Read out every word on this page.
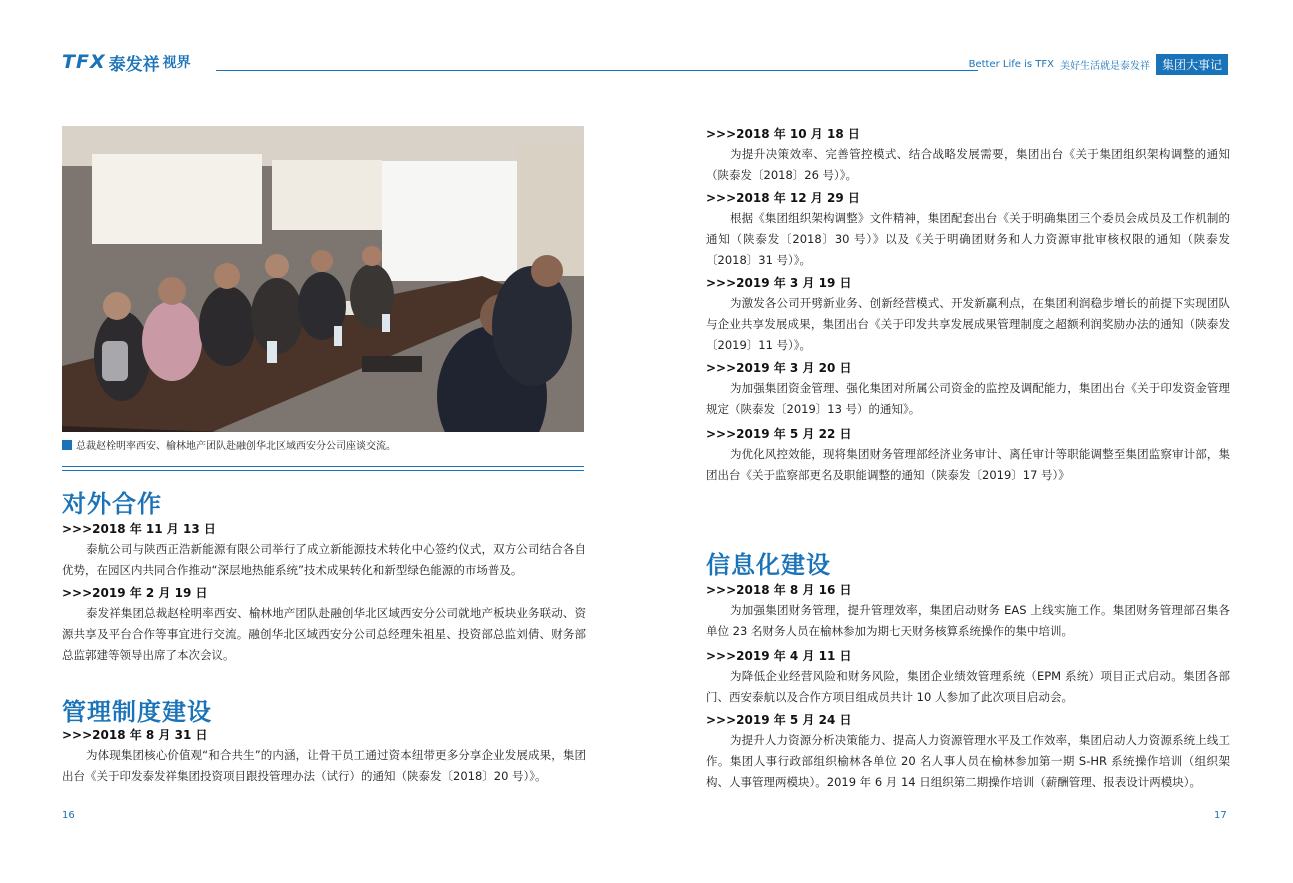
TFX 泰发祥 视界	Better Life is TFX 美好生活就是泰发祥	集团大事记
总裁赵栓明率西安、榆林地产团队赴融创华北区域西安分公司座谈交流。
对外合作
>>>2018 年 11 月 13 日
泰航公司与陕西正浩新能源有限公司举行了成立新能源技术转化中心签约仪式，双方公司结合各自优势，在园区内共同合作推动“深层地热能系统”技术成果转化和新型绿色能源的市场普及。
>>>2019 年 2 月 19 日
泰发祥集团总裁赵栓明率西安、榆林地产团队赴融创华北区域西安分公司就地产板块业务联动、资源共享及平台合作等事宜进行交流。融创华北区域西安分公司总经理朱祖星、投资部总监刘倩、财务部总监郭建等领导出席了本次会议。
管理制度建设
>>>2018 年 8 月 31 日
为体现集团核心价值观“和合共生”的内涵，让骨干员工通过资本纽带更多分享企业发展成果，集团出台《关于印发泰发祥集团投资项目跟投管理办法（试行）的通知（陕泰发〔2018〕20 号）》。
16
>>>2018 年 10 月 18 日
为提升决策效率、完善管控模式、结合战略发展需要，集团出台《关于集团组织架构调整的通知（陕泰发〔2018〕26 号）》。
>>>2018 年 12 月 29 日
根据《集团组织架构调整》文件精神，集团配套出台《关于明确集团三个委员会成员及工作机制的通知（陕泰发〔2018〕30 号）》以及《关于明确团财务和人力资源审批审核权限的通知（陕泰发〔2018〕31 号）》。
>>>2019 年 3 月 19 日
为激发各公司开劈新业务、创新经营模式、开发新赢利点，在集团利润稳步增长的前提下实现团队与企业共享发展成果，集团出台《关于印发共享发展成果管理制度之超额利润奖励办法的通知（陕泰发〔2019〕11 号）》。
>>>2019 年 3 月 20 日
为加强集团资金管理、强化集团对所属公司资金的监控及调配能力，集团出台《关于印发资金管理规定（陕泰发〔2019〕13 号）的通知》。
>>>2019 年 5 月 22 日
为优化风控效能，现将集团财务管理部经济业务审计、离任审计等职能调整至集团监察审计部，集团出台《关于监察部更名及职能调整的通知（陕泰发〔2019〕17 号）》
信息化建设
>>>2018 年 8 月 16 日
为加强集团财务管理，提升管理效率，集团启动财务 EAS 上线实施工作。集团财务管理部召集各单位 23 名财务人员在榆林参加为期七天财务核算系统操作的集中培训。
>>>2019 年 4 月 11 日
为降低企业经营风险和财务风险，集团企业绩效管理系统（EPM 系统）项目正式启动。集团各部门、西安泰航以及合作方项目组成员共计 10 人参加了此次项目启动会。
>>>2019 年 5 月 24 日
为提升人力资源分析决策能力、提高人力资源管理水平及工作效率，集团启动人力资源系统上线工作。集团人事行政部组织榆林各单位 20 名人事人员在榆林参加第一期 S-HR 系统操作培训（组织架构、人事管理两模块）。2019 年 6 月 14 日组织第二期操作培训（薪酬管理、报表设计两模块）。
17
